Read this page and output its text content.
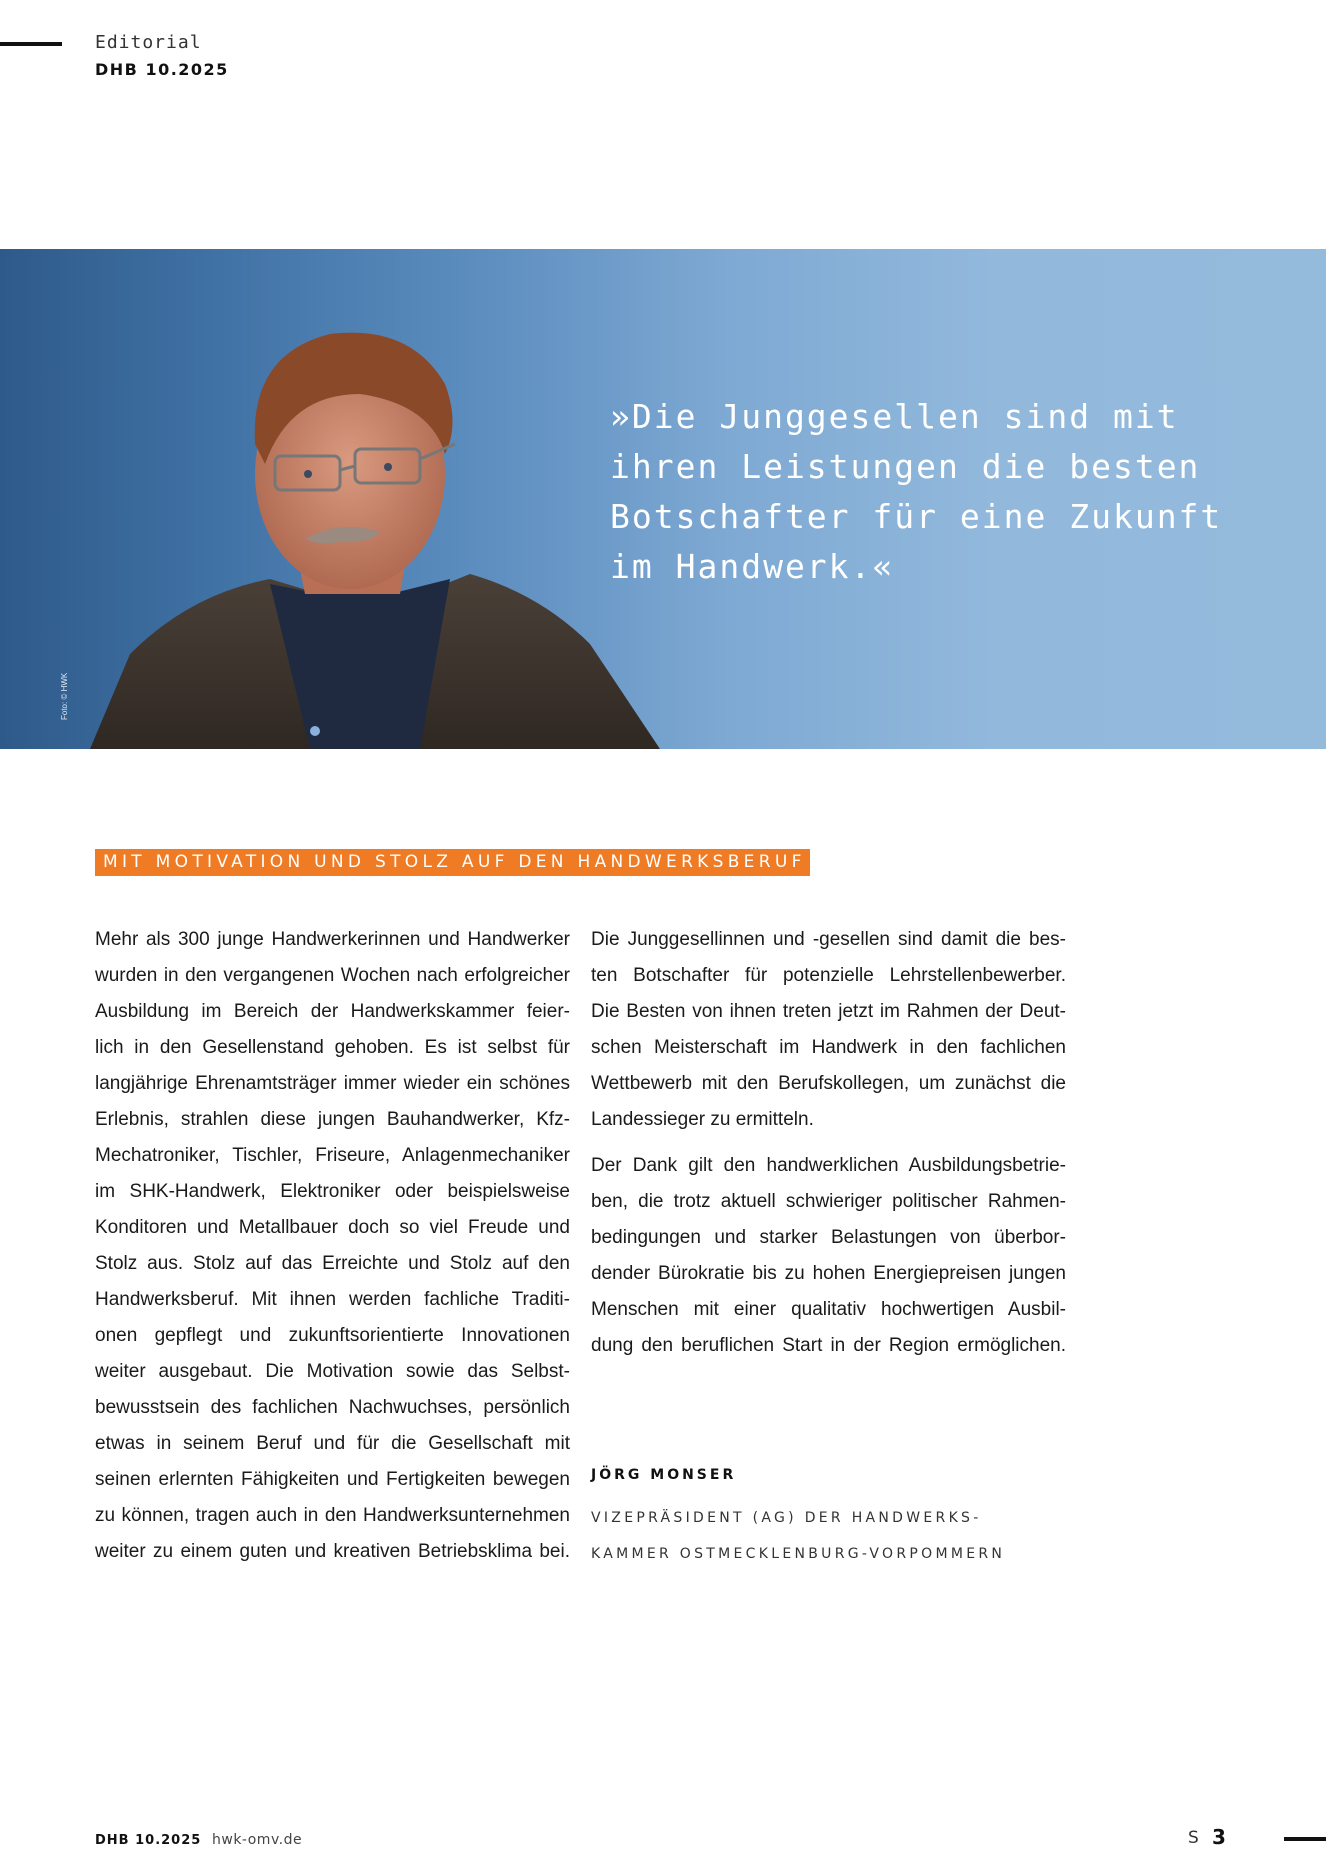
Editorial
DHB 10.2025
»Die Junggesellen sind mit
ihren Leistungen die besten
Botschafter für eine Zukunft
im Handwerk.«
Foto: © HWK
MIT MOTIVATION UND STOLZ AUF DEN HANDWERKSBERUF

Mehr als 300 junge Handwerkerinnen und Handwerker
wurden in den vergangenen Wochen nach erfolgreicher
Ausbildung im Bereich der Handwerkskammer feier-
lich in den Gesellenstand gehoben. Es ist selbst für
langjährige Ehrenamtsträger immer wieder ein schönes
Erlebnis, strahlen diese jungen Bauhandwerker, Kfz-
Mechatroniker, Tischler, Friseure, Anlagenmechaniker
im SHK-Handwerk, Elektroniker oder beispielsweise
Konditoren und Metallbauer doch so viel Freude und
Stolz aus. Stolz auf das Erreichte und Stolz auf den
Handwerksberuf. Mit ihnen werden fachliche Traditi-
onen gepflegt und zukunftsorientierte Innovationen
weiter ausgebaut. Die Motivation sowie das Selbst-
bewusstsein des fachlichen Nachwuchses, persönlich
etwas in seinem Beruf und für die Gesellschaft mit
seinen erlernten Fähigkeiten und Fertigkeiten bewegen
zu können, tragen auch in den Handwerksunternehmen
weiter zu einem guten und kreativen Betriebsklima bei.

Die Junggesellinnen und -gesellen sind damit die bes-
ten Botschafter für potenzielle Lehrstellenbewerber.
Die Besten von ihnen treten jetzt im Rahmen der Deut-
schen Meisterschaft im Handwerk in den fachlichen
Wettbewerb mit den Berufskollegen, um zunächst die
Landessieger zu ermitteln.

Der Dank gilt den handwerklichen Ausbildungsbetrie-
ben, die trotz aktuell schwieriger politischer Rahmen-
bedingungen und starker Belastungen von überbor-
dender Bürokratie bis zu hohen Energiepreisen jungen
Menschen mit einer qualitativ hochwertigen Ausbil-
dung den beruflichen Start in der Region ermöglichen.

JÖRG MONSER
VIZEPRÄSIDENT (AG) DER HANDWERKS-
KAMMER OSTMECKLENBURG-VORPOMMERN
DHB 10.2025 hwk-omv.de	S 3
